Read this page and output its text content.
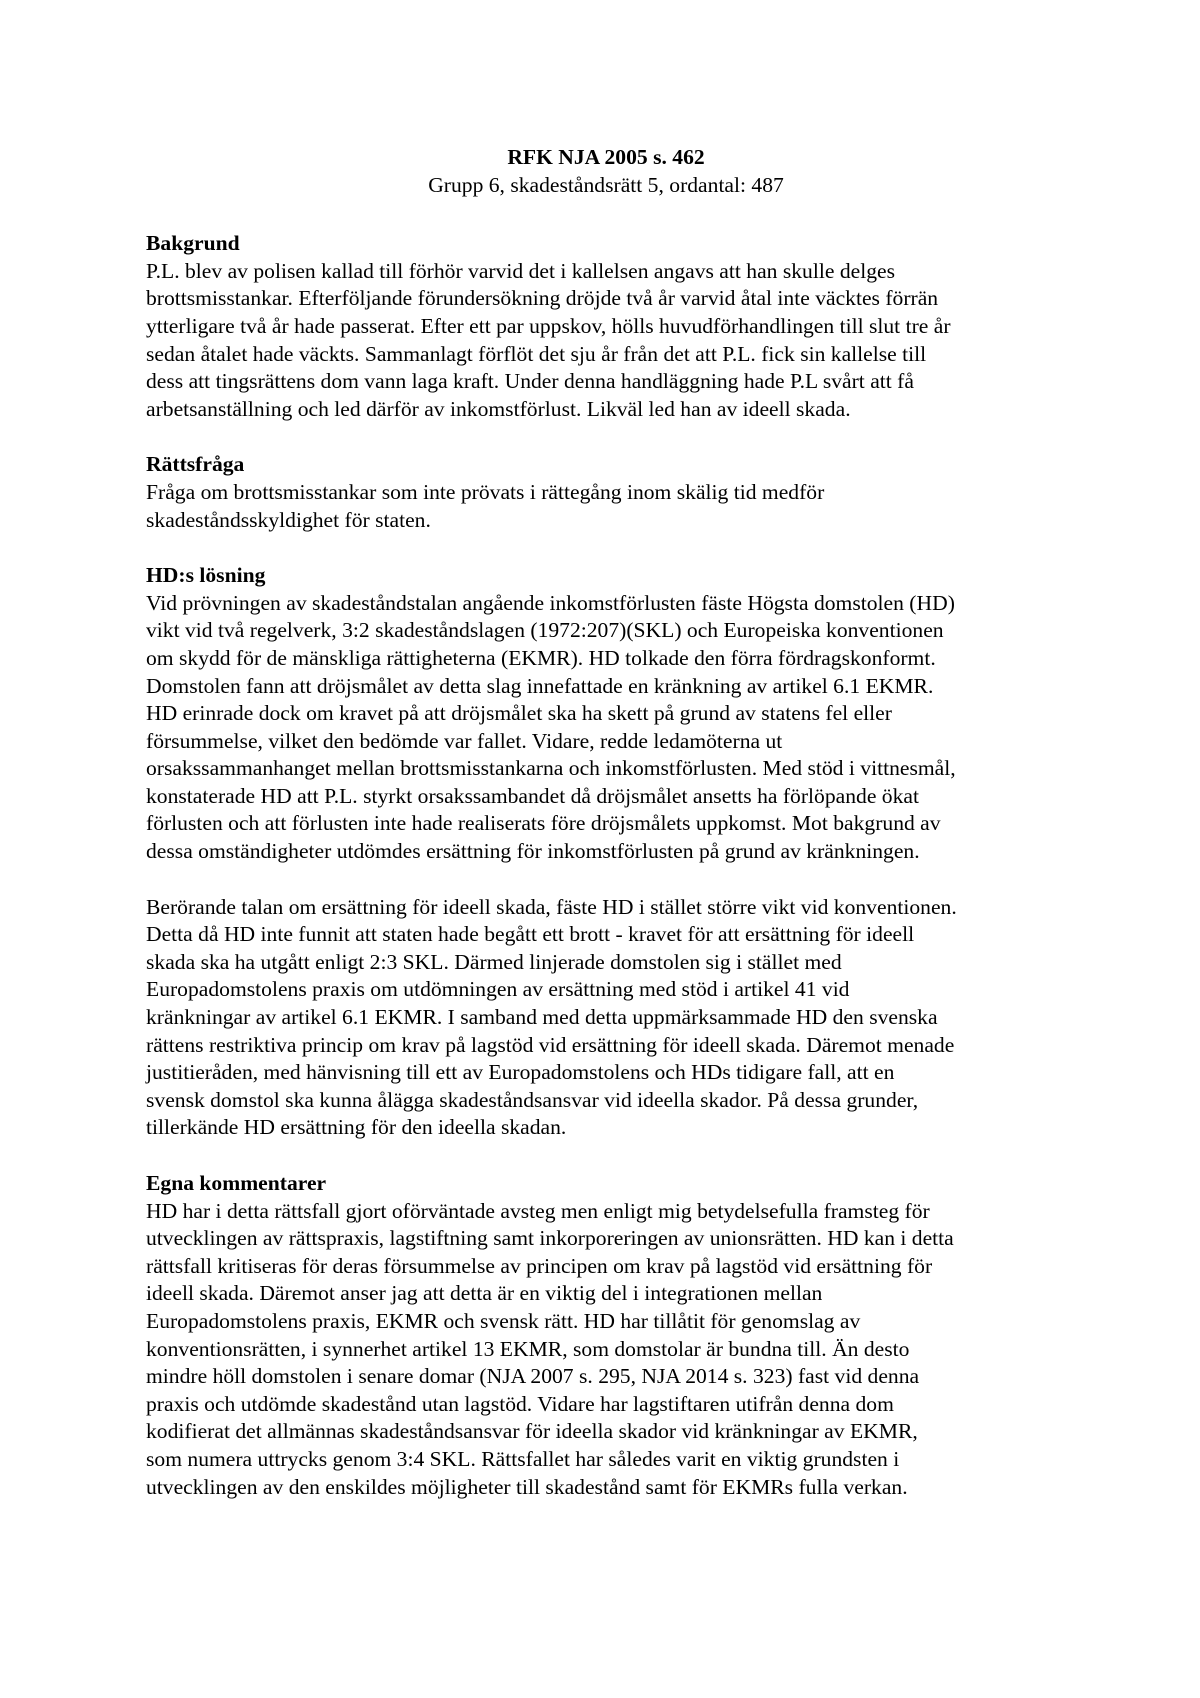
RFK NJA 2005 s. 462

Grupp 6, skadeståndsrätt 5, ordantal: 487

Bakgrund

P.L. blev av polisen kallad till förhör varvid det i kallelsen angavs att han skulle delges
brottsmisstankar. Efterföljande förundersökning dröjde två år varvid åtal inte väcktes förrän
ytterligare två år hade passerat. Efter ett par uppskov, hölls huvudförhandlingen till slut tre år
sedan åtalet hade väckts. Sammanlagt förflöt det sju år från det att P.L. fick sin kallelse till
dess att tingsrättens dom vann laga kraft. Under denna handläggning hade P.L svårt att få
arbetsanställning och led därför av inkomstförlust. Likväl led han av ideell skada.

Rättsfråga

Fråga om brottsmisstankar som inte prövats i rättegång inom skälig tid medför
skadeståndsskyldighet för staten.

HD:s lösning

Vid prövningen av skadeståndstalan angående inkomstförlusten fäste Högsta domstolen (HD)
vikt vid två regelverk, 3:2 skadeståndslagen (1972:207)(SKL) och Europeiska konventionen
om skydd för de mänskliga rättigheterna (EKMR). HD tolkade den förra fördragskonformt.
Domstolen fann att dröjsmålet av detta slag innefattade en kränkning av artikel 6.1 EKMR.
HD erinrade dock om kravet på att dröjsmålet ska ha skett på grund av statens fel eller
försummelse, vilket den bedömde var fallet. Vidare, redde ledamöterna ut
orsakssammanhanget mellan brottsmisstankarna och inkomstförlusten. Med stöd i vittnesmål,
konstaterade HD att P.L. styrkt orsakssambandet då dröjsmålet ansetts ha förlöpande ökat
förlusten och att förlusten inte hade realiserats före dröjsmålets uppkomst. Mot bakgrund av
dessa omständigheter utdömdes ersättning för inkomstförlusten på grund av kränkningen.
Berörande talan om ersättning för ideell skada, fäste HD i stället större vikt vid konventionen.
Detta då HD inte funnit att staten hade begått ett brott - kravet för att ersättning för ideell
skada ska ha utgått enligt 2:3 SKL. Därmed linjerade domstolen sig i stället med
Europadomstolens praxis om utdömningen av ersättning med stöd i artikel 41 vid
kränkningar av artikel 6.1 EKMR. I samband med detta uppmärksammade HD den svenska
rättens restriktiva princip om krav på lagstöd vid ersättning för ideell skada. Däremot menade
justitieråden, med hänvisning till ett av Europadomstolens och HDs tidigare fall, att en
svensk domstol ska kunna ålägga skadeståndsansvar vid ideella skador. På dessa grunder,
tillerkände HD ersättning för den ideella skadan.

Egna kommentarer

HD har i detta rättsfall gjort oförväntade avsteg men enligt mig betydelsefulla framsteg för
utvecklingen av rättspraxis, lagstiftning samt inkorporeringen av unionsrätten. HD kan i detta
rättsfall kritiseras för deras försummelse av principen om krav på lagstöd vid ersättning för
ideell skada. Däremot anser jag att detta är en viktig del i integrationen mellan
Europadomstolens praxis, EKMR och svensk rätt. HD har tillåtit för genomslag av
konventionsrätten, i synnerhet artikel 13 EKMR, som domstolar är bundna till. Än desto
mindre höll domstolen i senare domar (NJA 2007 s. 295, NJA 2014 s. 323) fast vid denna
praxis och utdömde skadestånd utan lagstöd. Vidare har lagstiftaren utifrån denna dom
kodifierat det allmännas skadeståndsansvar för ideella skador vid kränkningar av EKMR,
som numera uttrycks genom 3:4 SKL. Rättsfallet har således varit en viktig grundsten i
utvecklingen av den enskildes möjligheter till skadestånd samt för EKMRs fulla verkan.
